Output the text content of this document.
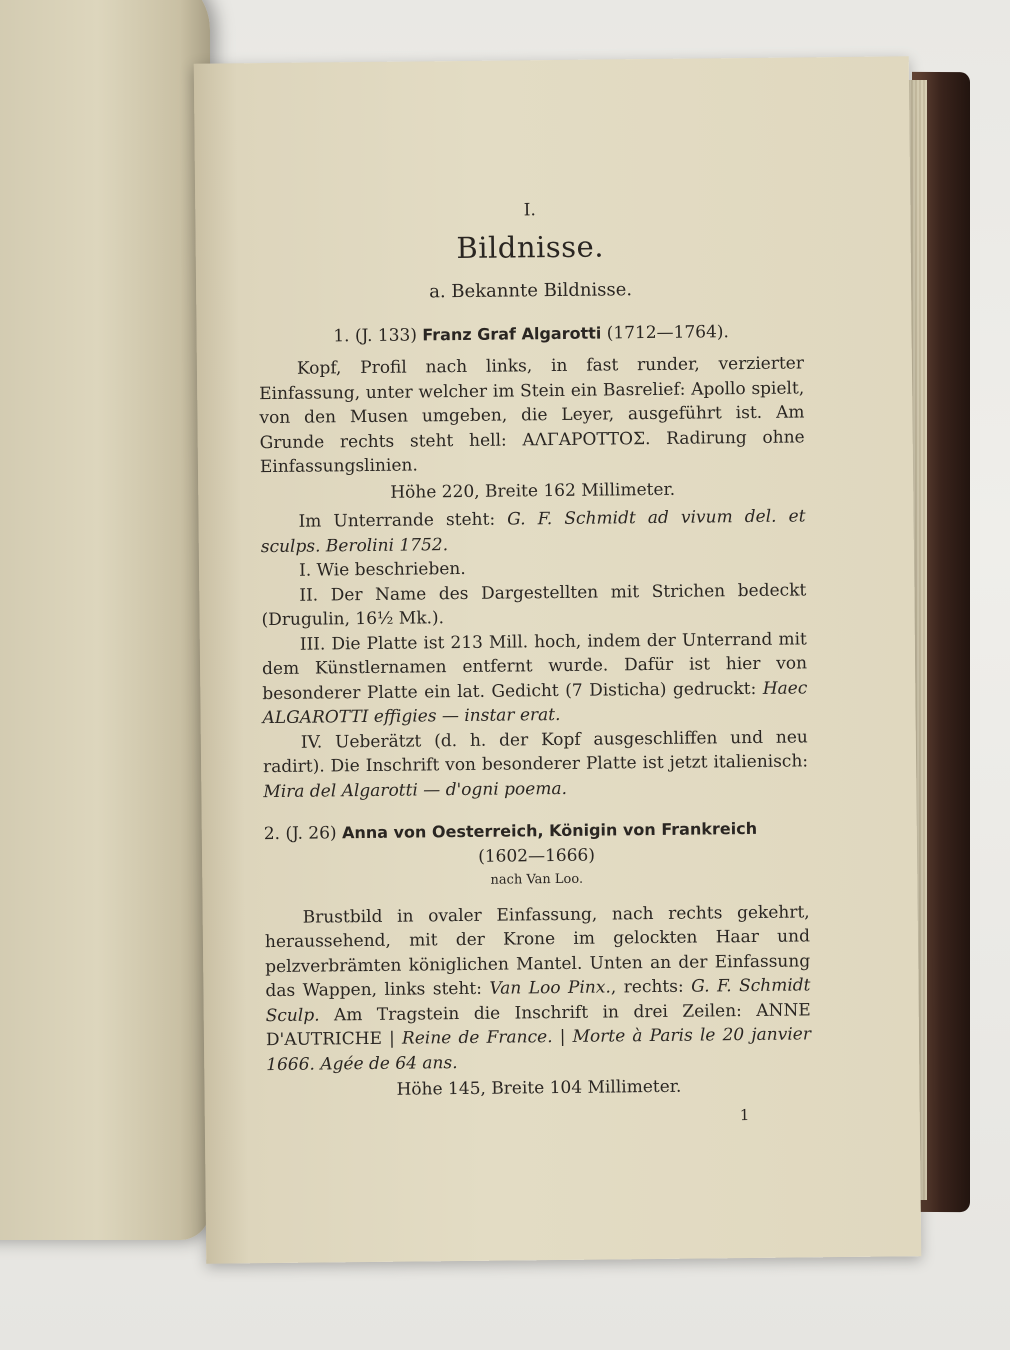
I.
Bildnisse.
a. Bekannte Bildnisse.
1. (J. 133) Franz Graf Algarotti (1712—1764).

Kopf, Profil nach links, in fast runder, verzierter Einfassung, unter welcher im Stein ein Basrelief: Apollo spielt, von den Musen umgeben, die Leyer, ausgeführt ist. Am Grunde rechts steht hell: ΑΛΓΑΡΟΤΤΟΣ. Radirung ohne Einfassungslinien.

Höhe 220, Breite 162 Millimeter.

Im Unterrande steht: G. F. Schmidt ad vivum del. et sculps. Berolini 1752.

I. Wie beschrieben.

II. Der Name des Dargestellten mit Strichen bedeckt (Drugulin, 16½ Mk.).

III. Die Platte ist 213 Mill. hoch, indem der Unterrand mit dem Künstlernamen entfernt wurde. Dafür ist hier von besonderer Platte ein lat. Gedicht (7 Disticha) gedruckt: Haec ALGAROTTI effigies — instar erat.

IV. Ueberätzt (d. h. der Kopf ausgeschliffen und neu radirt). Die Inschrift von besonderer Platte ist jetzt italienisch: Mira del Algarotti — d'ogni poema.

2. (J. 26) Anna von Oesterreich, Königin von Frankreich

(1602—1666)
nach Van Loo.

Brustbild in ovaler Einfassung, nach rechts gekehrt, heraussehend, mit der Krone im gelockten Haar und pelzverbrämten königlichen Mantel. Unten an der Einfassung das Wappen, links steht: Van Loo Pinx., rechts: G. F. Schmidt Sculp. Am Tragstein die Inschrift in drei Zeilen: ANNE D'AUTRICHE | Reine de France. | Morte à Paris le 20 janvier 1666. Agée de 64 ans.

Höhe 145, Breite 104 Millimeter.
1
